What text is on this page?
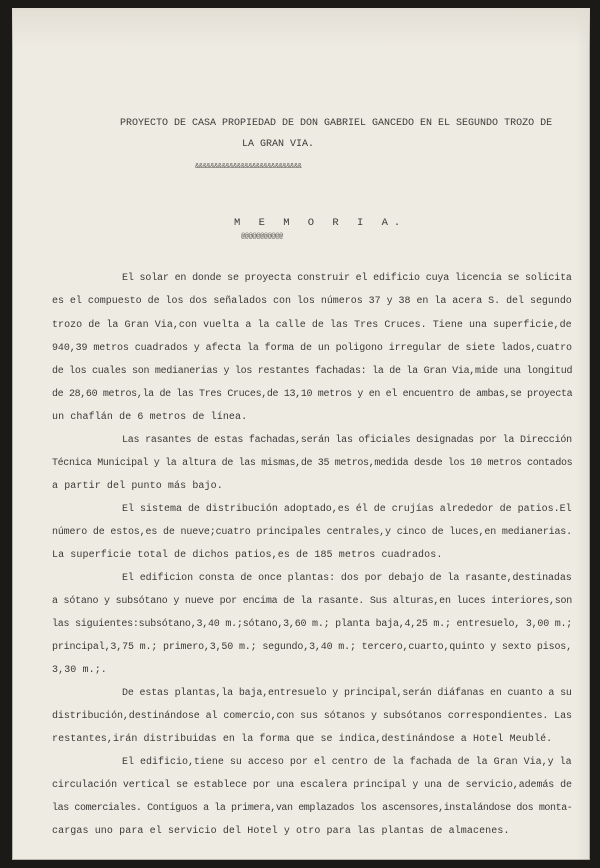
PROYECTO DE CASA PROPIEDAD DE DON GABRIEL GANCEDO EN EL SEGUNDO TROZO DE
LA GRAN VIA.
&&&&&&&&&&&&&&&&&&&&&&&&&&&&
M E M O R I A.
@@@@@@@@@@@
El solar en donde se proyecta construir el edificio cuya licencia se solicita
es el compuesto de los dos señalados con los números 37 y 38 en la acera S. del segundo
trozo de la Gran Via,con vuelta a la calle de las Tres Cruces. Tiene una superficie,de
940,39 metros cuadrados y afecta la forma de un poligono irregular de siete lados,cuatro
de los cuales son medianerias y los restantes fachadas: la de la Gran Via,mide una longitud
de 28,60 metros,la de las Tres Cruces,de 13,10 metros y en el encuentro de ambas,se proyecta
un chaflán de 6 metros de línea.
Las rasantes de estas fachadas,serán las oficiales designadas por la Dirección
Técnica Municipal y la altura de las mismas,de 35 metros,medida desde los 10 metros contados
a partir del punto más bajo.
El sistema de distribución adoptado,es él de crujías alrededor de patios.El
número de estos,es de nueve;cuatro principales centrales,y cinco de luces,en medianerias.
La superficie total de dichos patios,es de 185 metros cuadrados.
El edificion consta de once plantas: dos por debajo de la rasante,destinadas
a sótano y subsótano y nueve por encima de la rasante. Sus alturas,en luces interiores,son
las siguientes:subsótano,3,40 m.;sótano,3,60 m.; planta baja,4,25 m.; entresuelo, 3,00 m.;
principal,3,75 m.; primero,3,50 m.; segundo,3,40 m.; tercero,cuarto,quinto y sexto pisos,
3,30 m.;.
De estas plantas,la baja,entresuelo y principal,serán diáfanas en cuanto a su
distribución,destinándose al comercio,con sus sótanos y subsótanos correspondientes. Las
restantes,irán distribuidas en la forma que se indica,destinándose a Hotel Meublé.
El edificio,tiene su acceso por el centro de la fachada de la Gran Via,y la
circulación vertical se establece por una escalera principal y una de servicio,además de
las comerciales. Contiguos a la primera,van emplazados los ascensores,instalándose dos monta-
cargas uno para el servicio del Hotel y otro para las plantas de almacenes.
